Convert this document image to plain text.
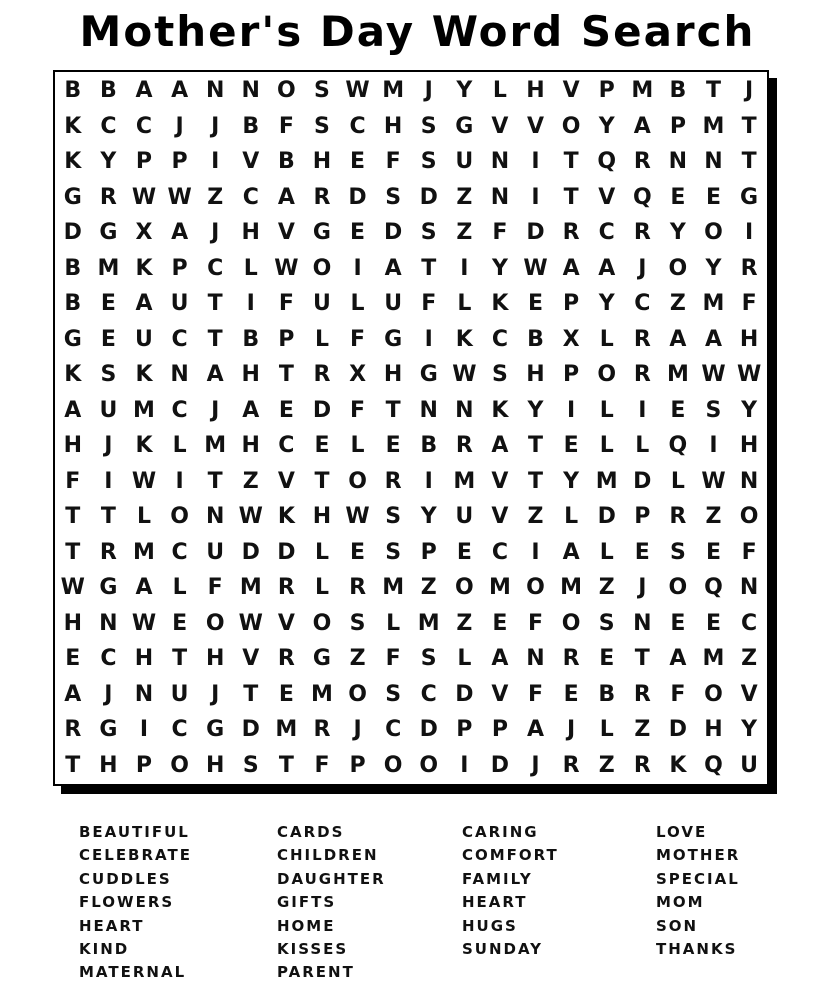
Mother's Day Word Search
B B A A N N O S W M J	Y L H V P M B T	J
K C C	J	J	B F S C H S G V V O Y A P M T
K Y P P	I	V B H E F S U N	I	T Q R N N T
G R W W Z C A R D S D Z N	I	T V Q E E G
D G X A	J	H V G E D S Z F D R C R Y O	I
B M K P C L W O	I	A T	I	Y W A A	J	O Y R
B E A U T	I	F U L U F L K E P Y C Z M F
G E U C T B P L F G	I	K C B X L R A A H
K S K N A H T R X H G W S H P O R M W W
A U M C	J	A E D F T N N K Y	I	L	I	E S Y
H	J	K L M H C E L E B R A T E L L Q	I	H
F	I W I	T Z V T O R	I M V T Y M D L W N
T T L O N W K H W S Y U V Z L D P R Z O
T R M C U D D L E S P E C	I	A L E S E F
W G A L F M R L R M Z O M O M Z	J	O Q N
H N W E O W V O S L M Z E F O S N E E C
E C H T H V R G Z F S L A N R E T A M Z
A	J	N U	J	T E M O S C D V F E B R F O V
R G	I	C G D M R	J	C D P P A	J	L Z D H Y
T H P O H S T F P O O	I	D	J	R Z R K Q U
BEAUTIFUL
CELEBRATE
CUDDLES
FLOWERS
HEART
KIND
MATERNAL
CARDS
CHILDREN
DAUGHTER
GIFTS
HOME
KISSES
PARENT
CARING
COMFORT
FAMILY
HEART
HUGS
SUNDAY
LOVE
MOTHER
SPECIAL
MOM
SON
THANKS
